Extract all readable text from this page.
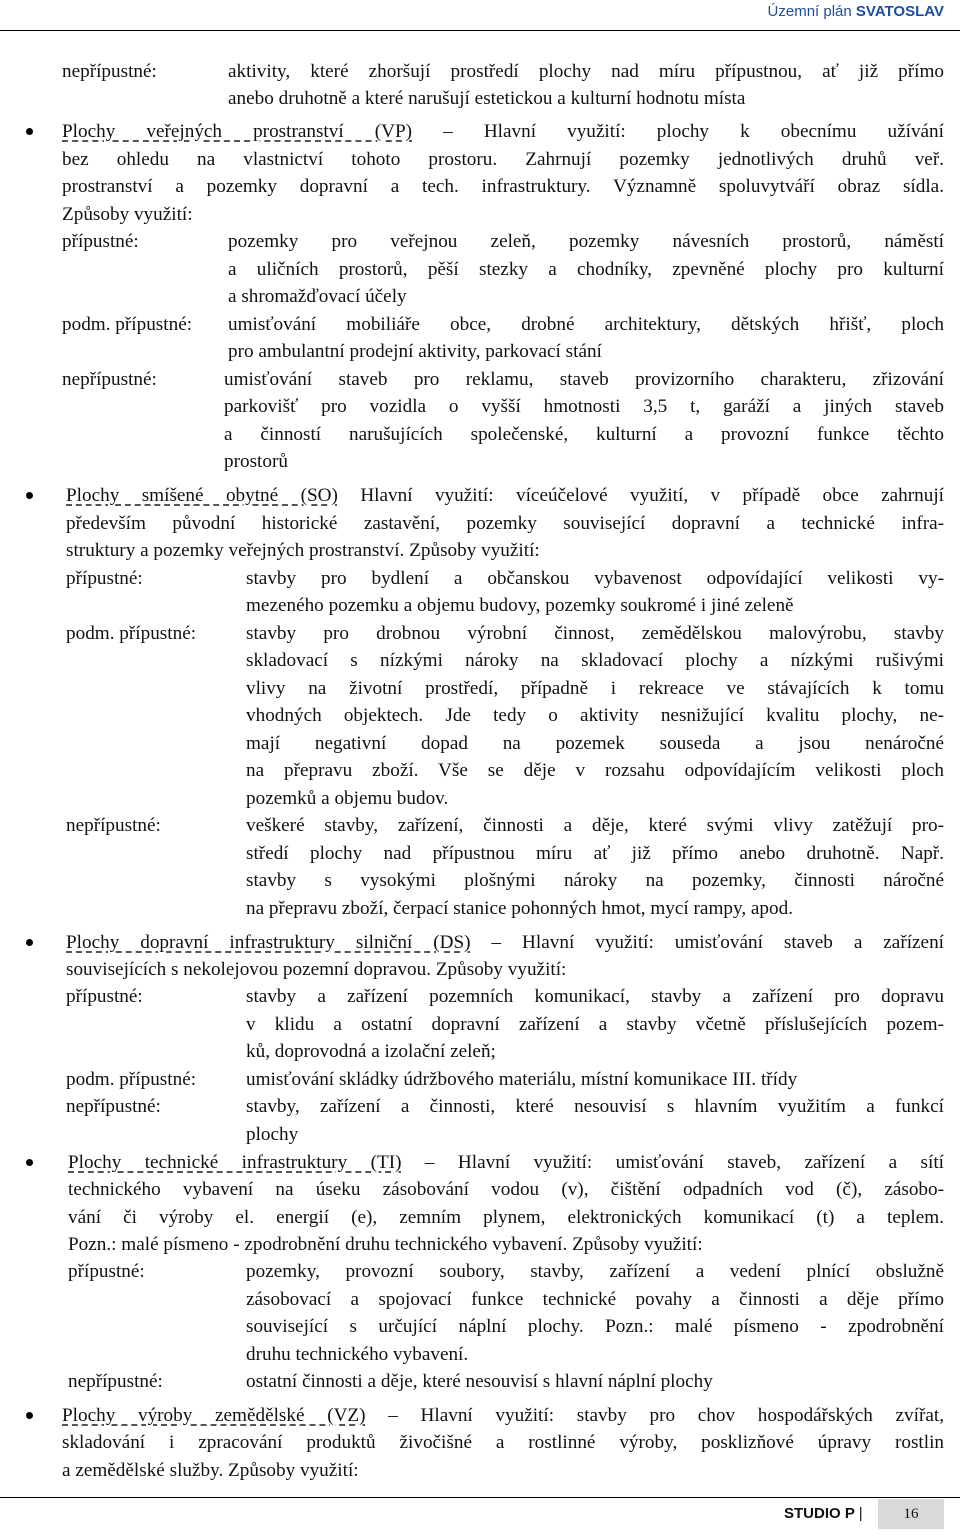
Územní plán SVATOSLAV
nepřípustné:	aktivity, které zhoršují prostředí plochy nad míru přípustnou, ať již přímo
anebo druhotně a které narušují estetickou a kulturní hodnotu místa
Plochy veřejných prostranství (VP) – Hlavní využití: plochy k obecnímu užívání
bez ohledu na vlastnictví tohoto prostoru. Zahrnují pozemky jednotlivých druhů veř.
prostranství a pozemky dopravní a tech. infrastruktury. Významně spoluvytváří obraz sídla.
Způsoby využití:
přípustné:	pozemky pro veřejnou zeleň, pozemky návesních prostorů, náměstí
a uličních prostorů, pěší stezky a chodníky, zpevněné plochy pro kulturní
a shromažďovací účely
podm. přípustné: umisťování mobiliáře obce, drobné architektury, dětských hřišť, ploch
pro ambulantní prodejní aktivity, parkovací stání
nepřípustné:	umisťování staveb pro reklamu, staveb provizorního charakteru, zřizování
parkovišť pro vozidla o vyšší hmotnosti 3,5 t, garáží a jiných staveb
a činností narušujících společenské, kulturní a provozní funkce těchto
prostorů
Plochy smíšené obytné (SO) Hlavní využití: víceúčelové využití, v případě obce zahrnují
především původní historické zastavění, pozemky související dopravní a technické infra-
struktury a pozemky veřejných prostranství. Způsoby využití:
přípustné:	stavby pro bydlení a občanskou vybavenost odpovídající velikosti vy-
mezeného pozemku a objemu budovy, pozemky soukromé i jiné zeleně
podm. přípustné:	stavby pro drobnou výrobní činnost, zemědělskou malovýrobu, stavby
skladovací s nízkými nároky na skladovací plochy a nízkými rušivými
vlivy na životní prostředí, případně i rekreace ve stávajících k tomu
vhodných objektech. Jde tedy o aktivity nesnižující kvalitu plochy, ne-
mají negativní dopad na pozemek souseda a jsou nenáročné
na přepravu zboží. Vše se děje v rozsahu odpovídajícím velikosti ploch
pozemků a objemu budov.
nepřípustné:	veškeré stavby, zařízení, činnosti a děje, které svými vlivy zatěžují pro-
středí plochy nad přípustnou míru ať již přímo anebo druhotně. Např.
stavby s vysokými plošnými nároky na pozemky, činnosti náročné
na přepravu zboží, čerpací stanice pohonných hmot, mycí rampy, apod.
Plochy dopravní infrastruktury silniční (DS) – Hlavní využití: umisťování staveb a zařízení
souvisejících s nekolejovou pozemní dopravou. Způsoby využití:
přípustné:	stavby a zařízení pozemních komunikací, stavby a zařízení pro dopravu
v klidu a ostatní dopravní zařízení a stavby včetně příslušejících pozem-
ků, doprovodná a izolační zeleň;
podm. přípustné:	umisťování skládky údržbového materiálu, místní komunikace III. třídy
nepřípustné:	stavby, zařízení a činnosti, které nesouvisí s hlavním využitím a funkcí
plochy
Plochy technické infrastruktury (TI) – Hlavní využití: umisťování staveb, zařízení a sítí
technického vybavení na úseku zásobování vodou (v), čištění odpadních vod (č), zásobo-
vání či výroby el. energií (e), zemním plynem, elektronických komunikací (t) a teplem.
Pozn.: malé písmeno - zpodrobnění druhu technického vybavení. Způsoby využití:
přípustné:	pozemky, provozní soubory, stavby, zařízení a vedení plnící obslužně
zásobovací a spojovací funkce technické povahy a činnosti a děje přímo
související s určující náplní plochy. Pozn.: malé písmeno - zpodrobnění
druhu technického vybavení.
nepřípustné:	ostatní činnosti a děje, které nesouvisí s hlavní náplní plochy
Plochy výroby zemědělské (VZ) – Hlavní využití: stavby pro chov hospodářských zvířat,
skladování i zpracování produktů živočišné a rostlinné výroby, posklizňové úpravy rostlin
a zemědělské služby. Způsoby využití:
STUDIO P |	16
